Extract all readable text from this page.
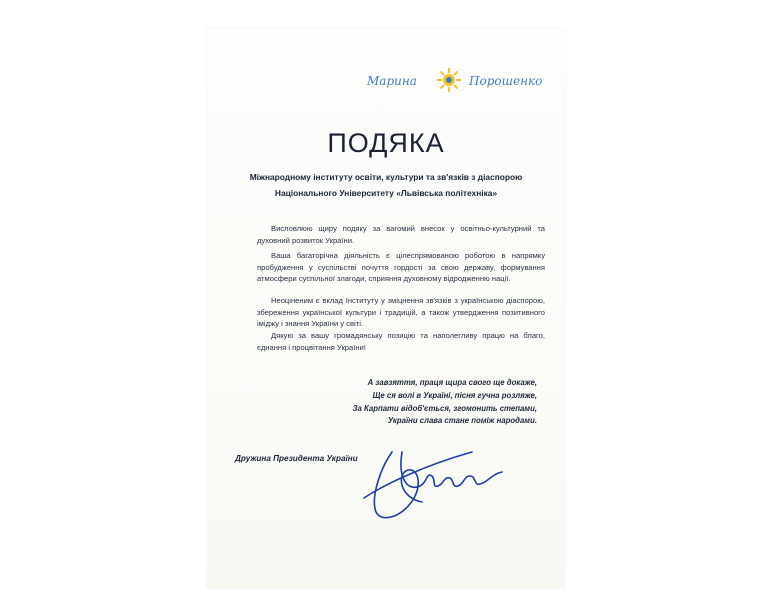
Марина	Порошенко
ПОДЯКА
Міжнародному інституту освіти, культури та зв'язків з діаспорою
Національного Університету «Львівська політехніка»

Висловлюю щиру подяку за вагомий внесок у освітньо-культурний та духовний розвиток України.

Ваша багаторічна діяльність є цілеспрямованою роботою в напрямку пробудження у суспільстві почуття гордості за свою державу, формування атмосфери суспільної злагоди, сприяння духовному відродженню нації.

Неоціненим є вклад Інституту у зміцнення зв'язків з українською діаспорою, збереження української культури і традицій, а також утвердження позитивного іміджу і знання України у світі.

Дякую за вашу громадянську позицію та наполегливу працю на благо, єднання і процвітання України!

А завзяття, праця щира свого ще докаже,
Ще ся волі в Україні, пісня гучна розляже,
За Карпати відоб'ється, згомонить степами,
України слава стане поміж народами.
Дружина Президента України
